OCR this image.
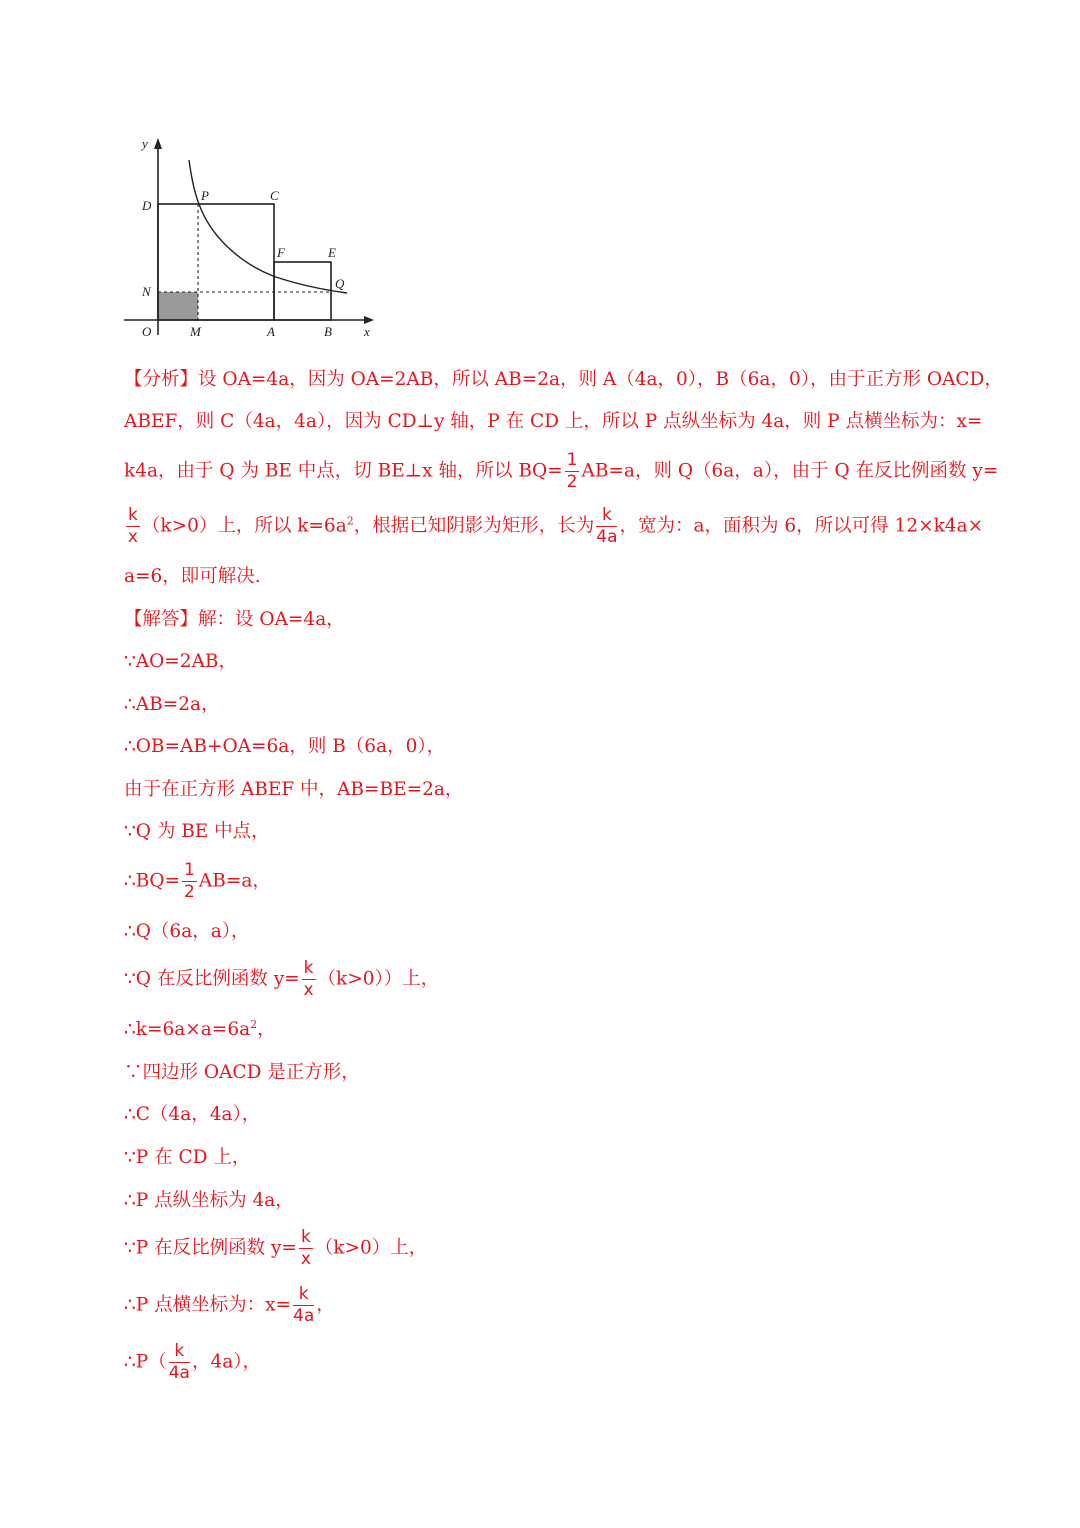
y
x
O
D
P	C
F	E
N
Q
M	A	B
【分析】设 OA=4a，因为 OA=2AB，所以 AB=2a，则 A（4a，0），B（6a，0），由于正方形 OACD，
ABEF，则 C（4a，4a），因为 CD⊥y 轴，P 在 CD 上，所以 P 点纵坐标为 4a，则 P 点横坐标为：x=
k4a，由于 Q 为 BE 中点，切 BE⊥x 轴，所以 $BQ= \frac{1}{2} AB=a$，则 Q（6a，a），由于 Q 在反比例函数 y=
$\frac{k}{x} (k>0)$上，所以 $k=6a^2$，根据已知阴影为矩形，长为 $\frac{k}{4a}$ ，宽为：a，面积为 6，所以可得 12×k4a×
a=6，即可解决.
【解答】解：设 OA=4a，
∵AO=2AB，
∴AB=2a，
∴OB=AB+OA=6a，则 B（6a，0），
由于在正方形 ABEF 中，AB=BE=2a，
∵Q 为 BE 中点，
∴BQ= $\frac{1}{2} AB=a$，
∴Q（6a，a），
∵Q 在反比例函数 $y= \frac{k}{x} (k>0)$）上，
$\therefore k=6a\times a=6a^2$，
∵四边形 OACD 是正方形，
∴C（4a，4a），
∵P 在 CD 上，
∴P 点纵坐标为 4a，
∵P 在反比例函数 $y= \frac{k}{x} (k>0)$上，
∴P 点横坐标为：$x= \frac{k}{4a}$ ，
∴P（ $\frac{k}{4a}$ ，4a），
